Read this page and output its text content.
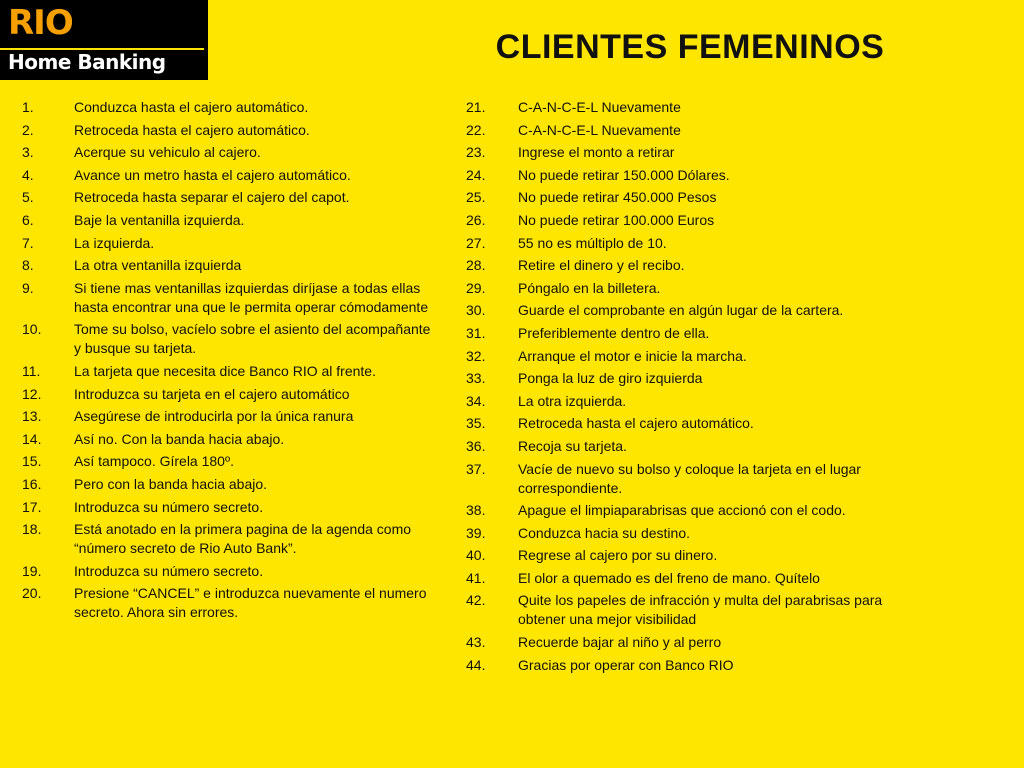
RIO
Home Banking	CLIENTES FEMENINOS
1.	Conduzca hasta el cajero automático.
2.	Retroceda hasta el cajero automático.
3.	Acerque su vehiculo al cajero.
4.	Avance un metro hasta el cajero automático.
5.	Retroceda hasta separar el cajero del capot.
6.	Baje la ventanilla izquierda.
7.	La izquierda.
8.	La otra ventanilla izquierda
9.	Si tiene mas ventanillas izquierdas diríjase a todas ellas hasta encontrar una que le permita operar cómodamente
10.	Tome su bolso, vacíelo sobre el asiento del acompañante y busque su tarjeta.
11.	La tarjeta que necesita dice Banco RIO al frente.
12.	Introduzca su tarjeta en el cajero automático
13.	Asegúrese de introducirla por la única ranura
14.	Así no. Con la banda hacia abajo.
15.	Así tampoco. Gírela 180º.
16.	Pero con la banda hacia abajo.
17.	Introduzca su número secreto.
18.	Está anotado en la primera pagina de la agenda como “número secreto de Rio Auto Bank”.
19.	Introduzca su número secreto.
20.	Presione “CANCEL” e introduzca nuevamente el numero secreto. Ahora sin errores.
21.	C-A-N-C-E-L Nuevamente
22.	C-A-N-C-E-L Nuevamente
23.	Ingrese el monto a retirar
24.	No puede retirar 150.000 Dólares.
25.	No puede retirar 450.000 Pesos
26.	No puede retirar 100.000 Euros
27.	55 no es múltiplo de 10.
28.	Retire el dinero y el recibo.
29.	Póngalo en la billetera.
30.	Guarde el comprobante en algún lugar de la cartera.
31.	Preferiblemente dentro de ella.
32.	Arranque el motor e inicie la marcha.
33.	Ponga la luz de giro izquierda
34.	La otra izquierda.
35.	Retroceda hasta el cajero automático.
36.	Recoja su tarjeta.
37.	Vacíe de nuevo su bolso y coloque la tarjeta en el lugar correspondiente.
38.	Apague el limpiaparabrisas que accionó con el codo.
39.	Conduzca hacia su destino.
40.	Regrese al cajero por su dinero.
41.	El olor a quemado es del freno de mano. Quítelo
42.	Quite los papeles de infracción y multa del parabrisas para obtener una mejor visibilidad
43.	Recuerde bajar al niño y al perro
44.	Gracias por operar con Banco RIO
